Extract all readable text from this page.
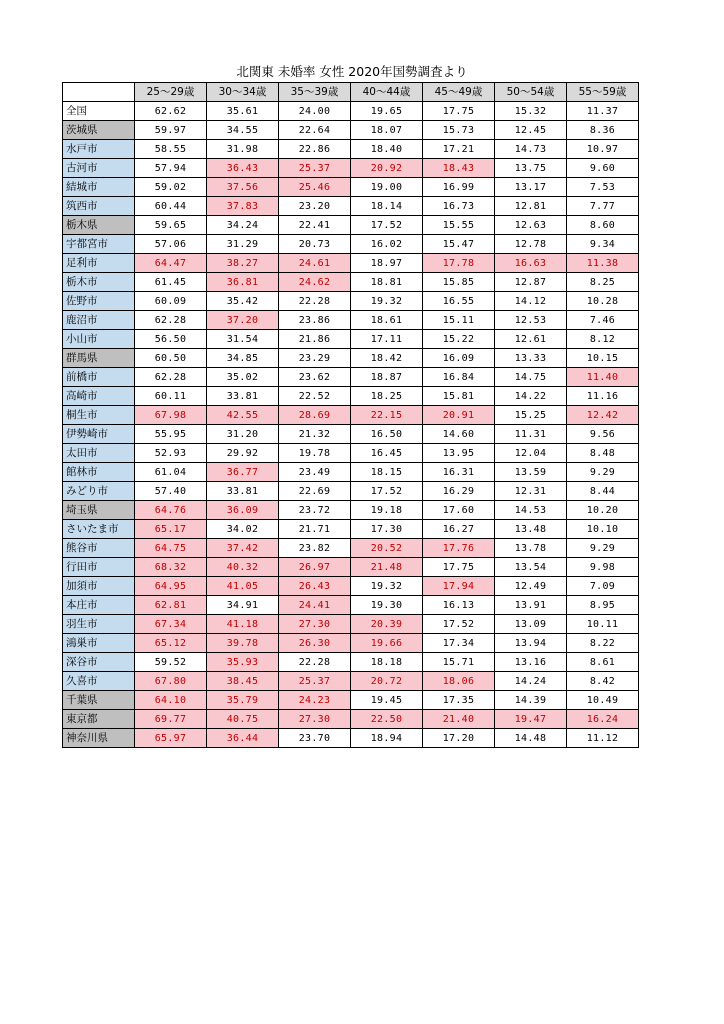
北関東 未婚率 女性 2020年国勢調査より
	25～29歳	30～34歳	35～39歳	40～44歳	45～49歳	50～54歳	55～59歳
全国	62.62	35.61	24.00	19.65	17.75	15.32	11.37
茨城県	59.97	34.55	22.64	18.07	15.73	12.45	8.36
水戸市	58.55	31.98	22.86	18.40	17.21	14.73	10.97
古河市	57.94	36.43	25.37	20.92	18.43	13.75	9.60
結城市	59.02	37.56	25.46	19.00	16.99	13.17	7.53
筑西市	60.44	37.83	23.20	18.14	16.73	12.81	7.77
栃木県	59.65	34.24	22.41	17.52	15.55	12.63	8.60
宇都宮市	57.06	31.29	20.73	16.02	15.47	12.78	9.34
足利市	64.47	38.27	24.61	18.97	17.78	16.63	11.38
栃木市	61.45	36.81	24.62	18.81	15.85	12.87	8.25
佐野市	60.09	35.42	22.28	19.32	16.55	14.12	10.28
鹿沼市	62.28	37.20	23.86	18.61	15.11	12.53	7.46
小山市	56.50	31.54	21.86	17.11	15.22	12.61	8.12
群馬県	60.50	34.85	23.29	18.42	16.09	13.33	10.15
前橋市	62.28	35.02	23.62	18.87	16.84	14.75	11.40
高崎市	60.11	33.81	22.52	18.25	15.81	14.22	11.16
桐生市	67.98	42.55	28.69	22.15	20.91	15.25	12.42
伊勢崎市	55.95	31.20	21.32	16.50	14.60	11.31	9.56
太田市	52.93	29.92	19.78	16.45	13.95	12.04	8.48
館林市	61.04	36.77	23.49	18.15	16.31	13.59	9.29
みどり市	57.40	33.81	22.69	17.52	16.29	12.31	8.44
埼玉県	64.76	36.09	23.72	19.18	17.60	14.53	10.20
さいたま市	65.17	34.02	21.71	17.30	16.27	13.48	10.10
熊谷市	64.75	37.42	23.82	20.52	17.76	13.78	9.29
行田市	68.32	40.32	26.97	21.48	17.75	13.54	9.98
加須市	64.95	41.05	26.43	19.32	17.94	12.49	7.09
本庄市	62.81	34.91	24.41	19.30	16.13	13.91	8.95
羽生市	67.34	41.18	27.30	20.39	17.52	13.09	10.11
鴻巣市	65.12	39.78	26.30	19.66	17.34	13.94	8.22
深谷市	59.52	35.93	22.28	18.18	15.71	13.16	8.61
久喜市	67.80	38.45	25.37	20.72	18.06	14.24	8.42
千葉県	64.10	35.79	24.23	19.45	17.35	14.39	10.49
東京都	69.77	40.75	27.30	22.50	21.40	19.47	16.24
神奈川県	65.97	36.44	23.70	18.94	17.20	14.48	11.12
